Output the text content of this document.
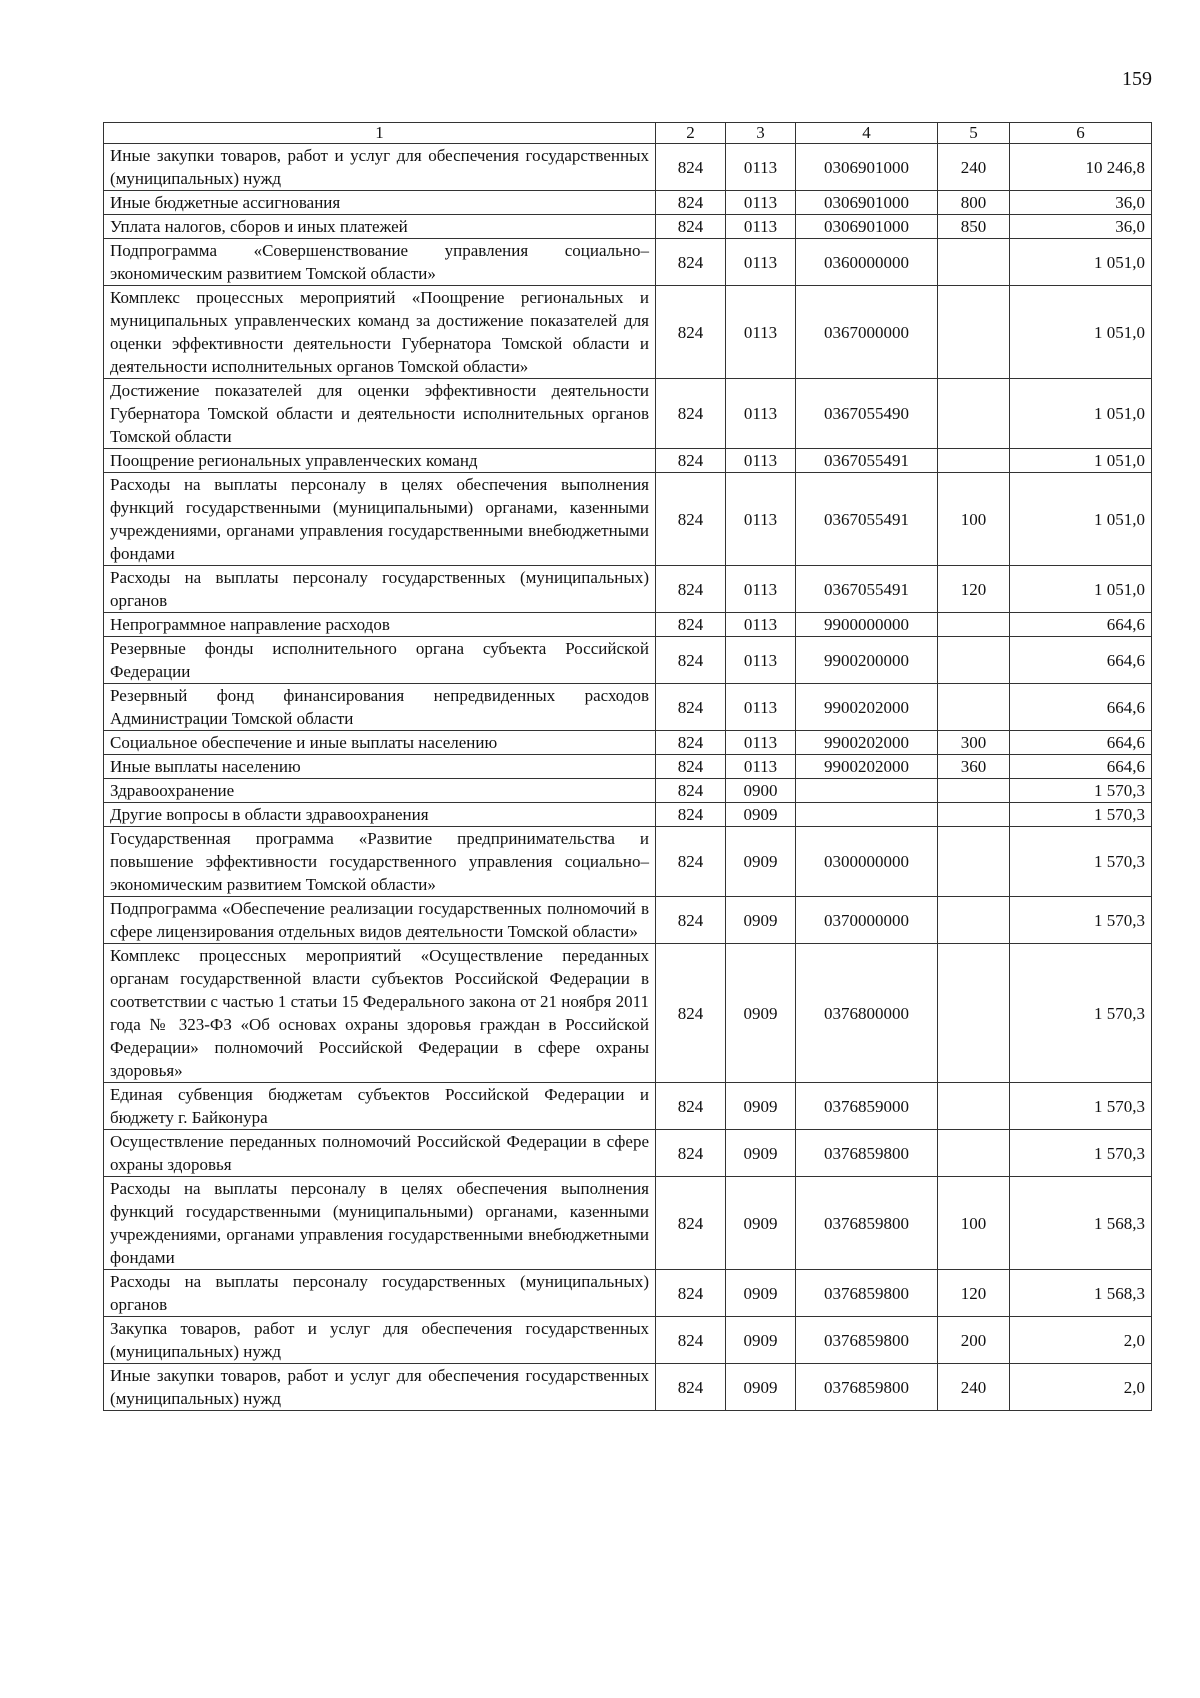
159
1	2	3	4	5	6
Иные закупки товаров, работ и услуг для обеспечения государственных (муниципальных) нужд	824	0113	0306901000	240	10 246,8
Иные бюджетные ассигнования	824	0113	0306901000	800	36,0
Уплата налогов, сборов и иных платежей	824	0113	0306901000	850	36,0
Подпрограмма «Совершенствование управления социально–экономическим развитием Томской области»	824	0113	0360000000		1 051,0
Комплекс процессных мероприятий «Поощрение региональных и муниципальных управленческих команд за достижение показателей для оценки эффективности деятельности Губернатора Томской области и деятельности исполнительных органов Томской области»	824	0113	0367000000		1 051,0
Достижение показателей для оценки эффективности деятельности Губернатора Томской области и деятельности исполнительных органов Томской области	824	0113	0367055490		1 051,0
Поощрение региональных управленческих команд	824	0113	0367055491		1 051,0
Расходы на выплаты персоналу в целях обеспечения выполнения функций государственными (муниципальными) органами, казенными учреждениями, органами управления государственными внебюджетными фондами	824	0113	0367055491	100	1 051,0
Расходы на выплаты персоналу государственных (муниципальных) органов	824	0113	0367055491	120	1 051,0
Непрограммное направление расходов	824	0113	9900000000		664,6
Резервные фонды исполнительного органа субъекта Российской Федерации	824	0113	9900200000		664,6
Резервный фонд финансирования непредвиденных расходов Администрации Томской области	824	0113	9900202000		664,6
Социальное обеспечение и иные выплаты населению	824	0113	9900202000	300	664,6
Иные выплаты населению	824	0113	9900202000	360	664,6
Здравоохранение	824	0900			1 570,3
Другие вопросы в области здравоохранения	824	0909			1 570,3
Государственная программа «Развитие предпринимательства и повышение эффективности государственного управления социально–экономическим развитием Томской области»	824	0909	0300000000		1 570,3
Подпрограмма «Обеспечение реализации государственных полномочий в сфере лицензирования отдельных видов деятельности Томской области»	824	0909	0370000000		1 570,3
Комплекс процессных мероприятий «Осуществление переданных органам государственной власти субъектов Российской Федерации в соответствии с частью 1 статьи 15 Федерального закона от 21 ноября 2011 года № 323-ФЗ «Об основах охраны здоровья граждан в Российской Федерации» полномочий Российской Федерации в сфере охраны здоровья»	824	0909	0376800000		1 570,3
Единая субвенция бюджетам субъектов Российской Федерации и бюджету г. Байконура	824	0909	0376859000		1 570,3
Осуществление переданных полномочий Российской Федерации в сфере охраны здоровья	824	0909	0376859800		1 570,3
Расходы на выплаты персоналу в целях обеспечения выполнения функций государственными (муниципальными) органами, казенными учреждениями, органами управления государственными внебюджетными фондами	824	0909	0376859800	100	1 568,3
Расходы на выплаты персоналу государственных (муниципальных) органов	824	0909	0376859800	120	1 568,3
Закупка товаров, работ и услуг для обеспечения государственных (муниципальных) нужд	824	0909	0376859800	200	2,0
Иные закупки товаров, работ и услуг для обеспечения государственных (муниципальных) нужд	824	0909	0376859800	240	2,0
